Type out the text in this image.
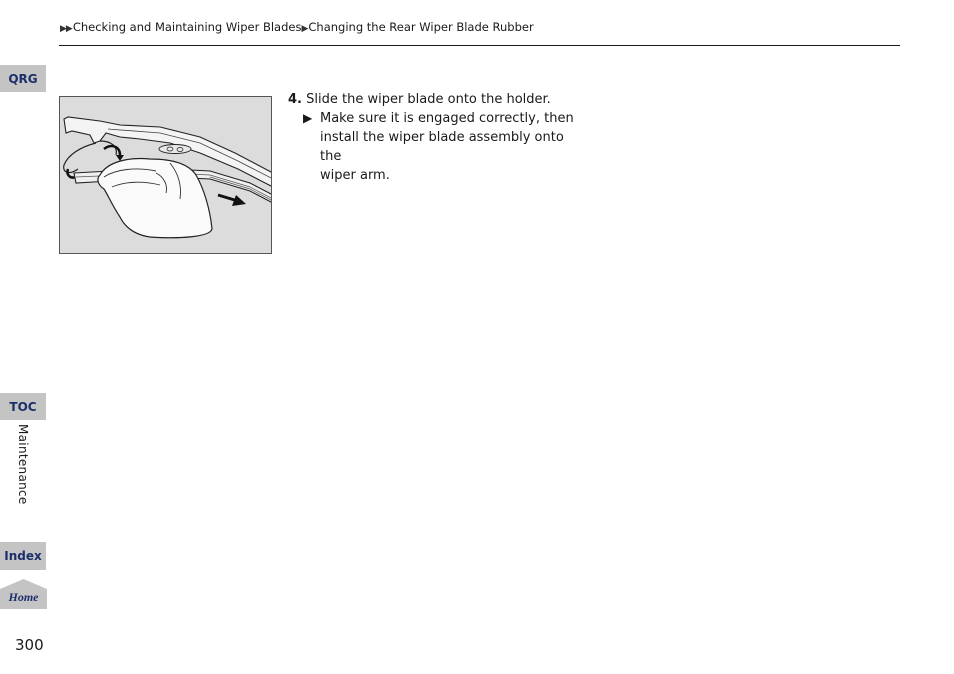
▶▶Checking and Maintaining Wiper Blades▶Changing the Rear Wiper Blade Rubber
QRG
TOC
Maintenance
Index
Home
300
4. Slide the wiper blade onto the holder.
▶ Make sure it is engaged correctly, then
install the wiper blade assembly onto the
wiper arm.
